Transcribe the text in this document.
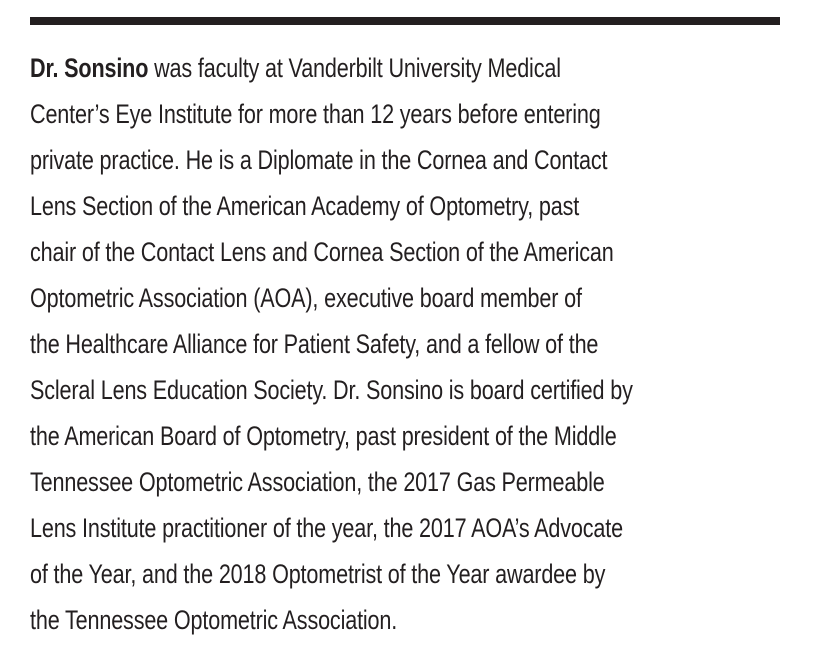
Dr. Sonsino was faculty at Vanderbilt University Medical
Center’s Eye Institute for more than 12 years before entering
private practice. He is a Diplomate in the Cornea and Contact
Lens Section of the American Academy of Optometry, past
chair of the Contact Lens and Cornea Section of the American
Optometric Association (AOA), executive board member of
the Healthcare Alliance for Patient Safety, and a fellow of the
Scleral Lens Education Society. Dr. Sonsino is board certified by
the American Board of Optometry, past president of the Middle
Tennessee Optometric Association, the 2017 Gas Permeable
Lens Institute practitioner of the year, the 2017 AOA’s Advocate
of the Year, and the 2018 Optometrist of the Year awardee by
the Tennessee Optometric Association.
